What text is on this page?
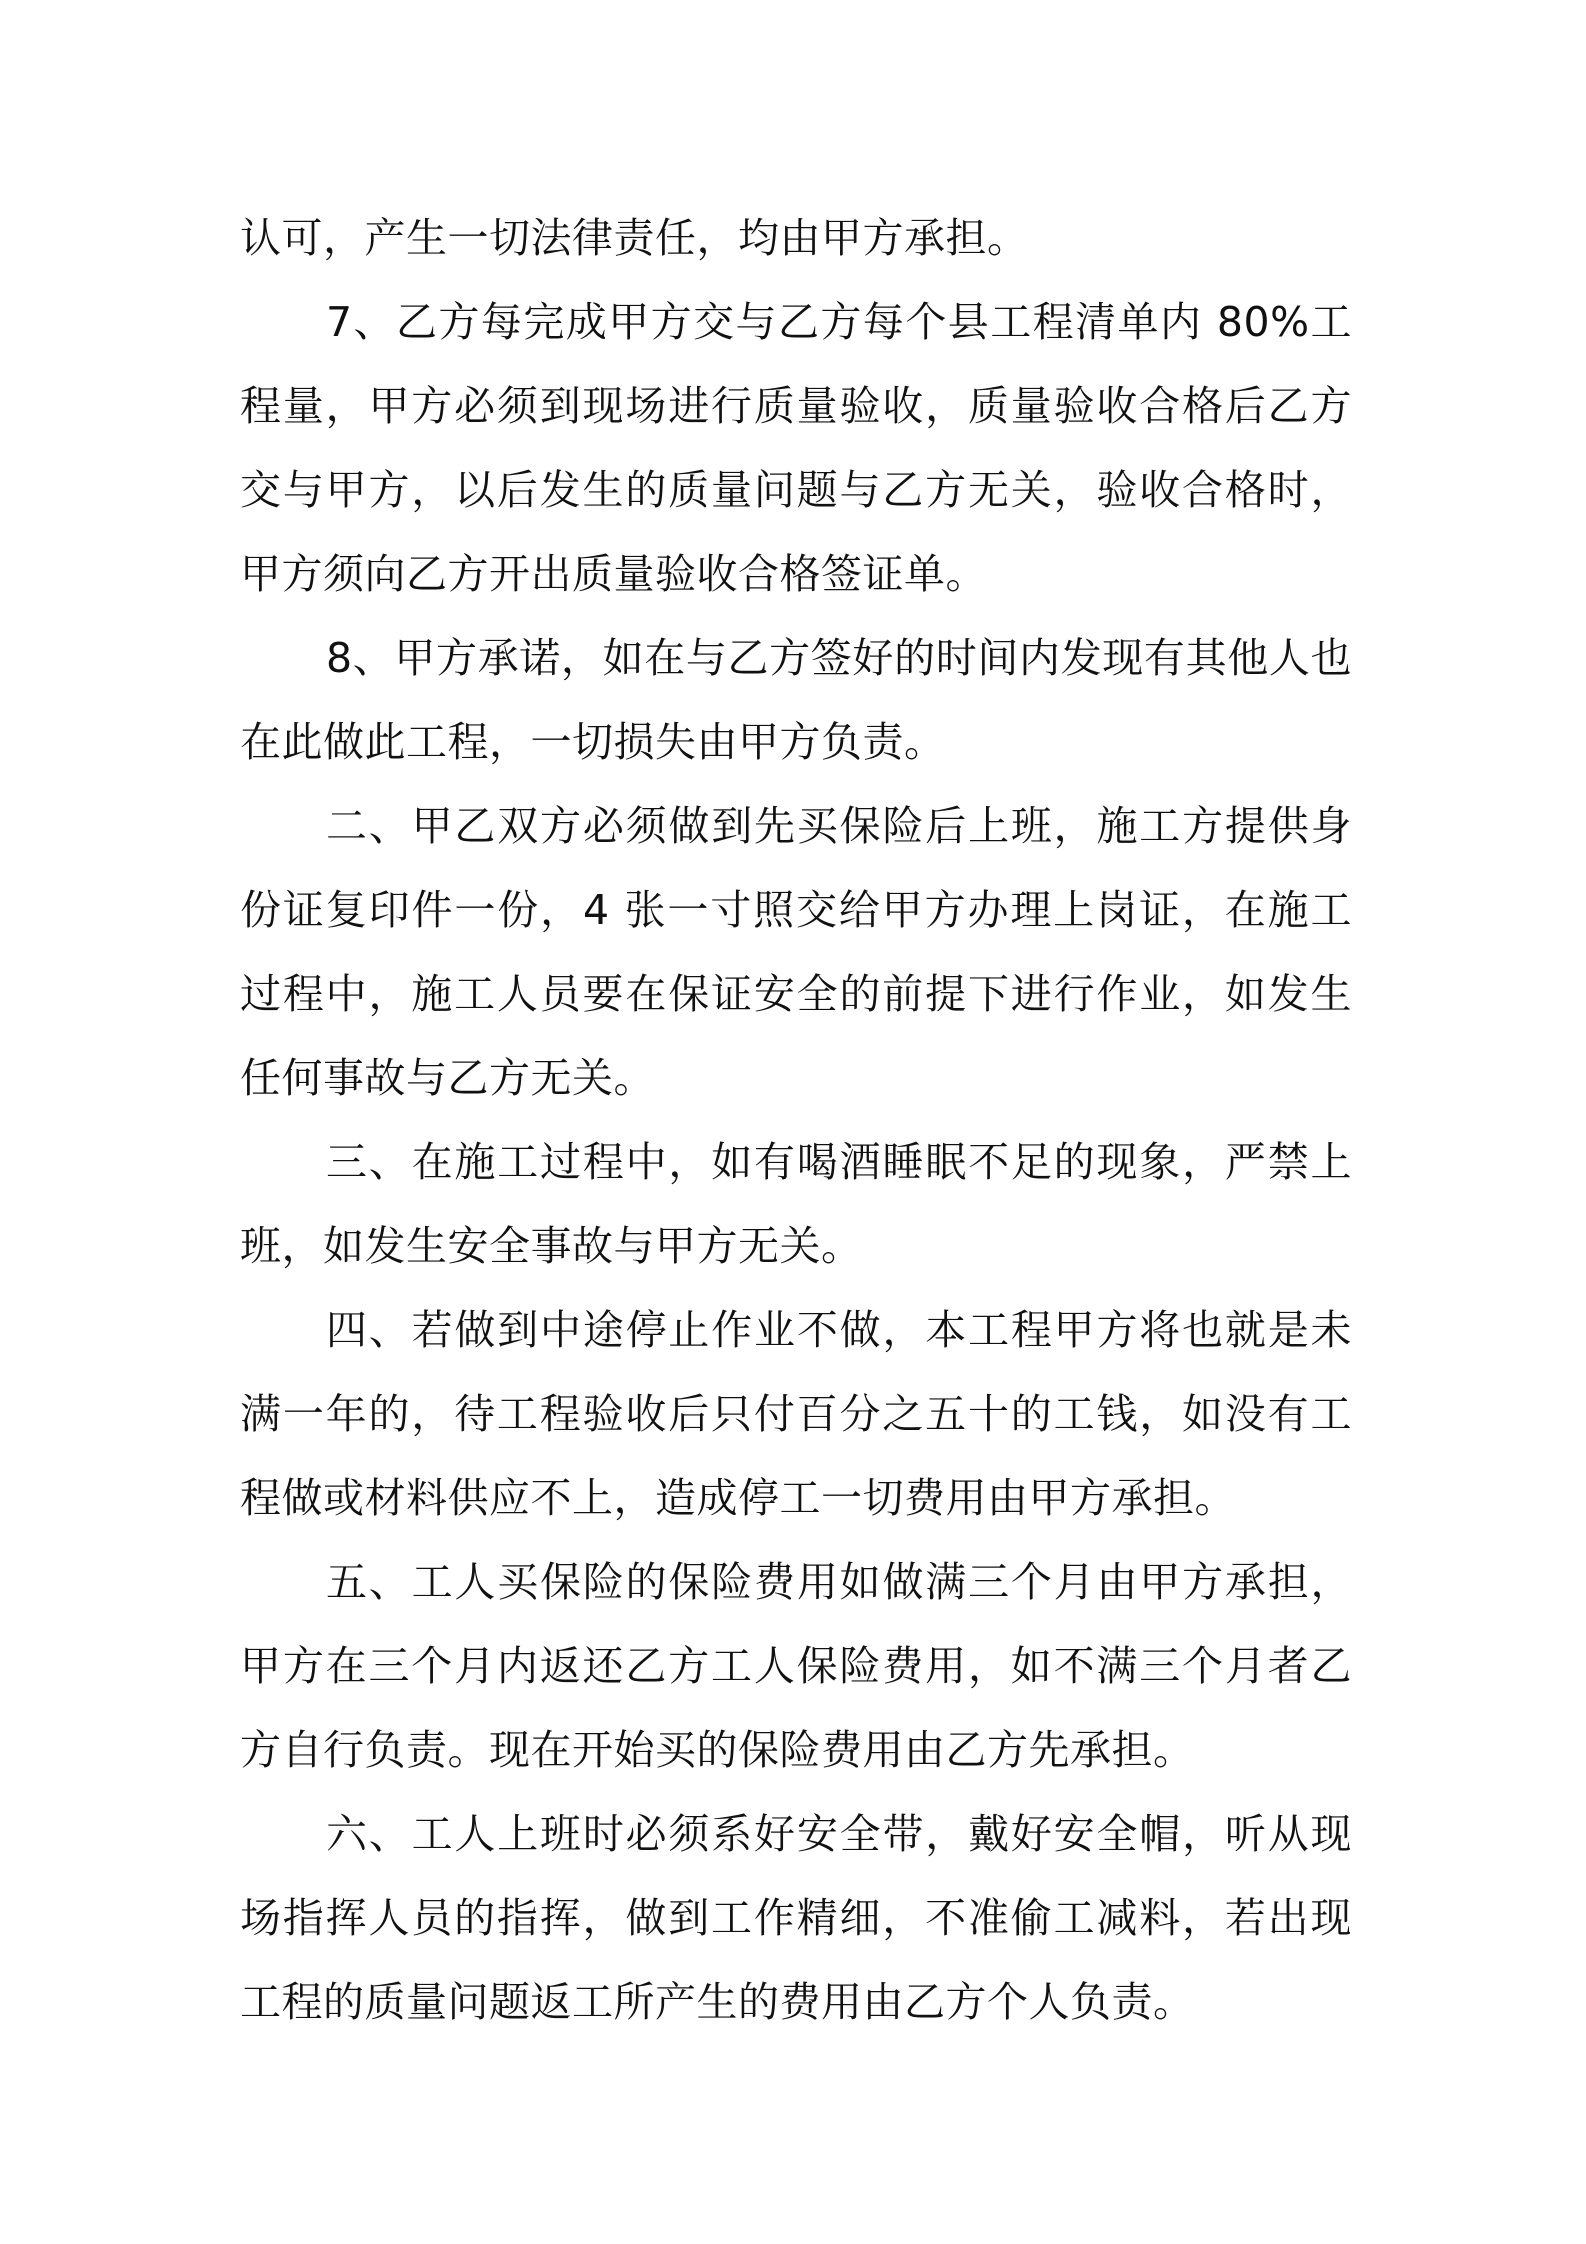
认可，产生一切法律责任，均由甲方承担。

7、乙方每完成甲方交与乙方每个县工程清单内 80%工程量，甲方必须到现场进行质量验收，质量验收合格后乙方交与甲方，以后发生的质量问题与乙方无关，验收合格时，甲方须向乙方开出质量验收合格签证单。

8、甲方承诺，如在与乙方签好的时间内发现有其他人也在此做此工程，一切损失由甲方负责。

二、甲乙双方必须做到先买保险后上班，施工方提供身份证复印件一份，4 张一寸照交给甲方办理上岗证，在施工过程中，施工人员要在保证安全的前提下进行作业，如发生任何事故与乙方无关。

三、在施工过程中，如有喝酒睡眠不足的现象，严禁上班，如发生安全事故与甲方无关。

四、若做到中途停止作业不做，本工程甲方将也就是未满一年的，待工程验收后只付百分之五十的工钱，如没有工程做或材料供应不上，造成停工一切费用由甲方承担。

五、工人买保险的保险费用如做满三个月由甲方承担，甲方在三个月内返还乙方工人保险费用，如不满三个月者乙方自行负责。现在开始买的保险费用由乙方先承担。

六、工人上班时必须系好安全带，戴好安全帽，听从现场指挥人员的指挥，做到工作精细，不准偷工减料，若出现工程的质量问题返工所产生的费用由乙方个人负责。
